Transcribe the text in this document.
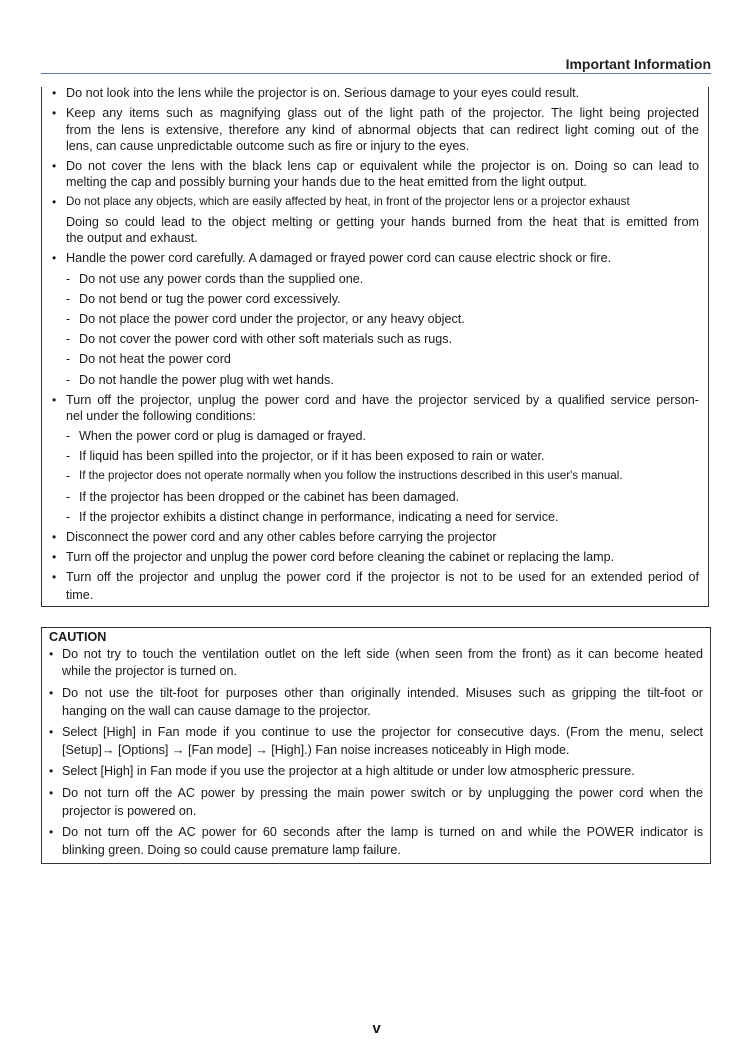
Important Information
• Do not look into the lens while the projector is on. Serious damage to your eyes could result.
• Keep any items such as magnifying glass out of the light path of the projector. The light being projected
from the lens is extensive, therefore any kind of abnormal objects that can redirect light coming out of the
lens, can cause unpredictable outcome such as fire or injury to the eyes.
• Do not cover the lens with the black lens cap or equivalent while the projector is on. Doing so can lead to
melting the cap and possibly burning your hands due to the heat emitted from the light output.
• Do not place any objects, which are easily affected by heat, in front of the projector lens or a projector exhaust
Doing so could lead to the object melting or getting your hands burned from the heat that is emitted from
the output and exhaust.
• Handle the power cord carefully. A damaged or frayed power cord can cause electric shock or fire.
- Do not use any power cords than the supplied one.
- Do not bend or tug the power cord excessively.
- Do not place the power cord under the projector, or any heavy object.
- Do not cover the power cord with other soft materials such as rugs.
- Do not heat the power cord
- Do not handle the power plug with wet hands.
• Turn off the projector, unplug the power cord and have the projector serviced by a qualified service person-
nel under the following conditions:
- When the power cord or plug is damaged or frayed.
- If liquid has been spilled into the projector, or if it has been exposed to rain or water.
- If the projector does not operate normally when you follow the instructions described in this user's manual.
- If the projector has been dropped or the cabinet has been damaged.
- If the projector exhibits a distinct change in performance, indicating a need for service.
• Disconnect the power cord and any other cables before carrying the projector
• Turn off the projector and unplug the power cord before cleaning the cabinet or replacing the lamp.
• Turn off the projector and unplug the power cord if the projector is not to be used for an extended period of
time.
CAUTION
• Do not try to touch the ventilation outlet on the left side (when seen from the front) as it can become heated
while the projector is turned on.
• Do not use the tilt-foot for purposes other than originally intended. Misuses such as gripping the tilt-foot or
hanging on the wall can cause damage to the projector.
• Select [High] in Fan mode if you continue to use the projector for consecutive days. (From the menu, select
[Setup]→ [Options] → [Fan mode] → [High].) Fan noise increases noticeably in High mode.
• Select [High] in Fan mode if you use the projector at a high altitude or under low atmospheric pressure.
• Do not turn off the AC power by pressing the main power switch or by unplugging the power cord when the
projector is powered on.
• Do not turn off the AC power for 60 seconds after the lamp is turned on and while the POWER indicator is
blinking green. Doing so could cause premature lamp failure.
v
